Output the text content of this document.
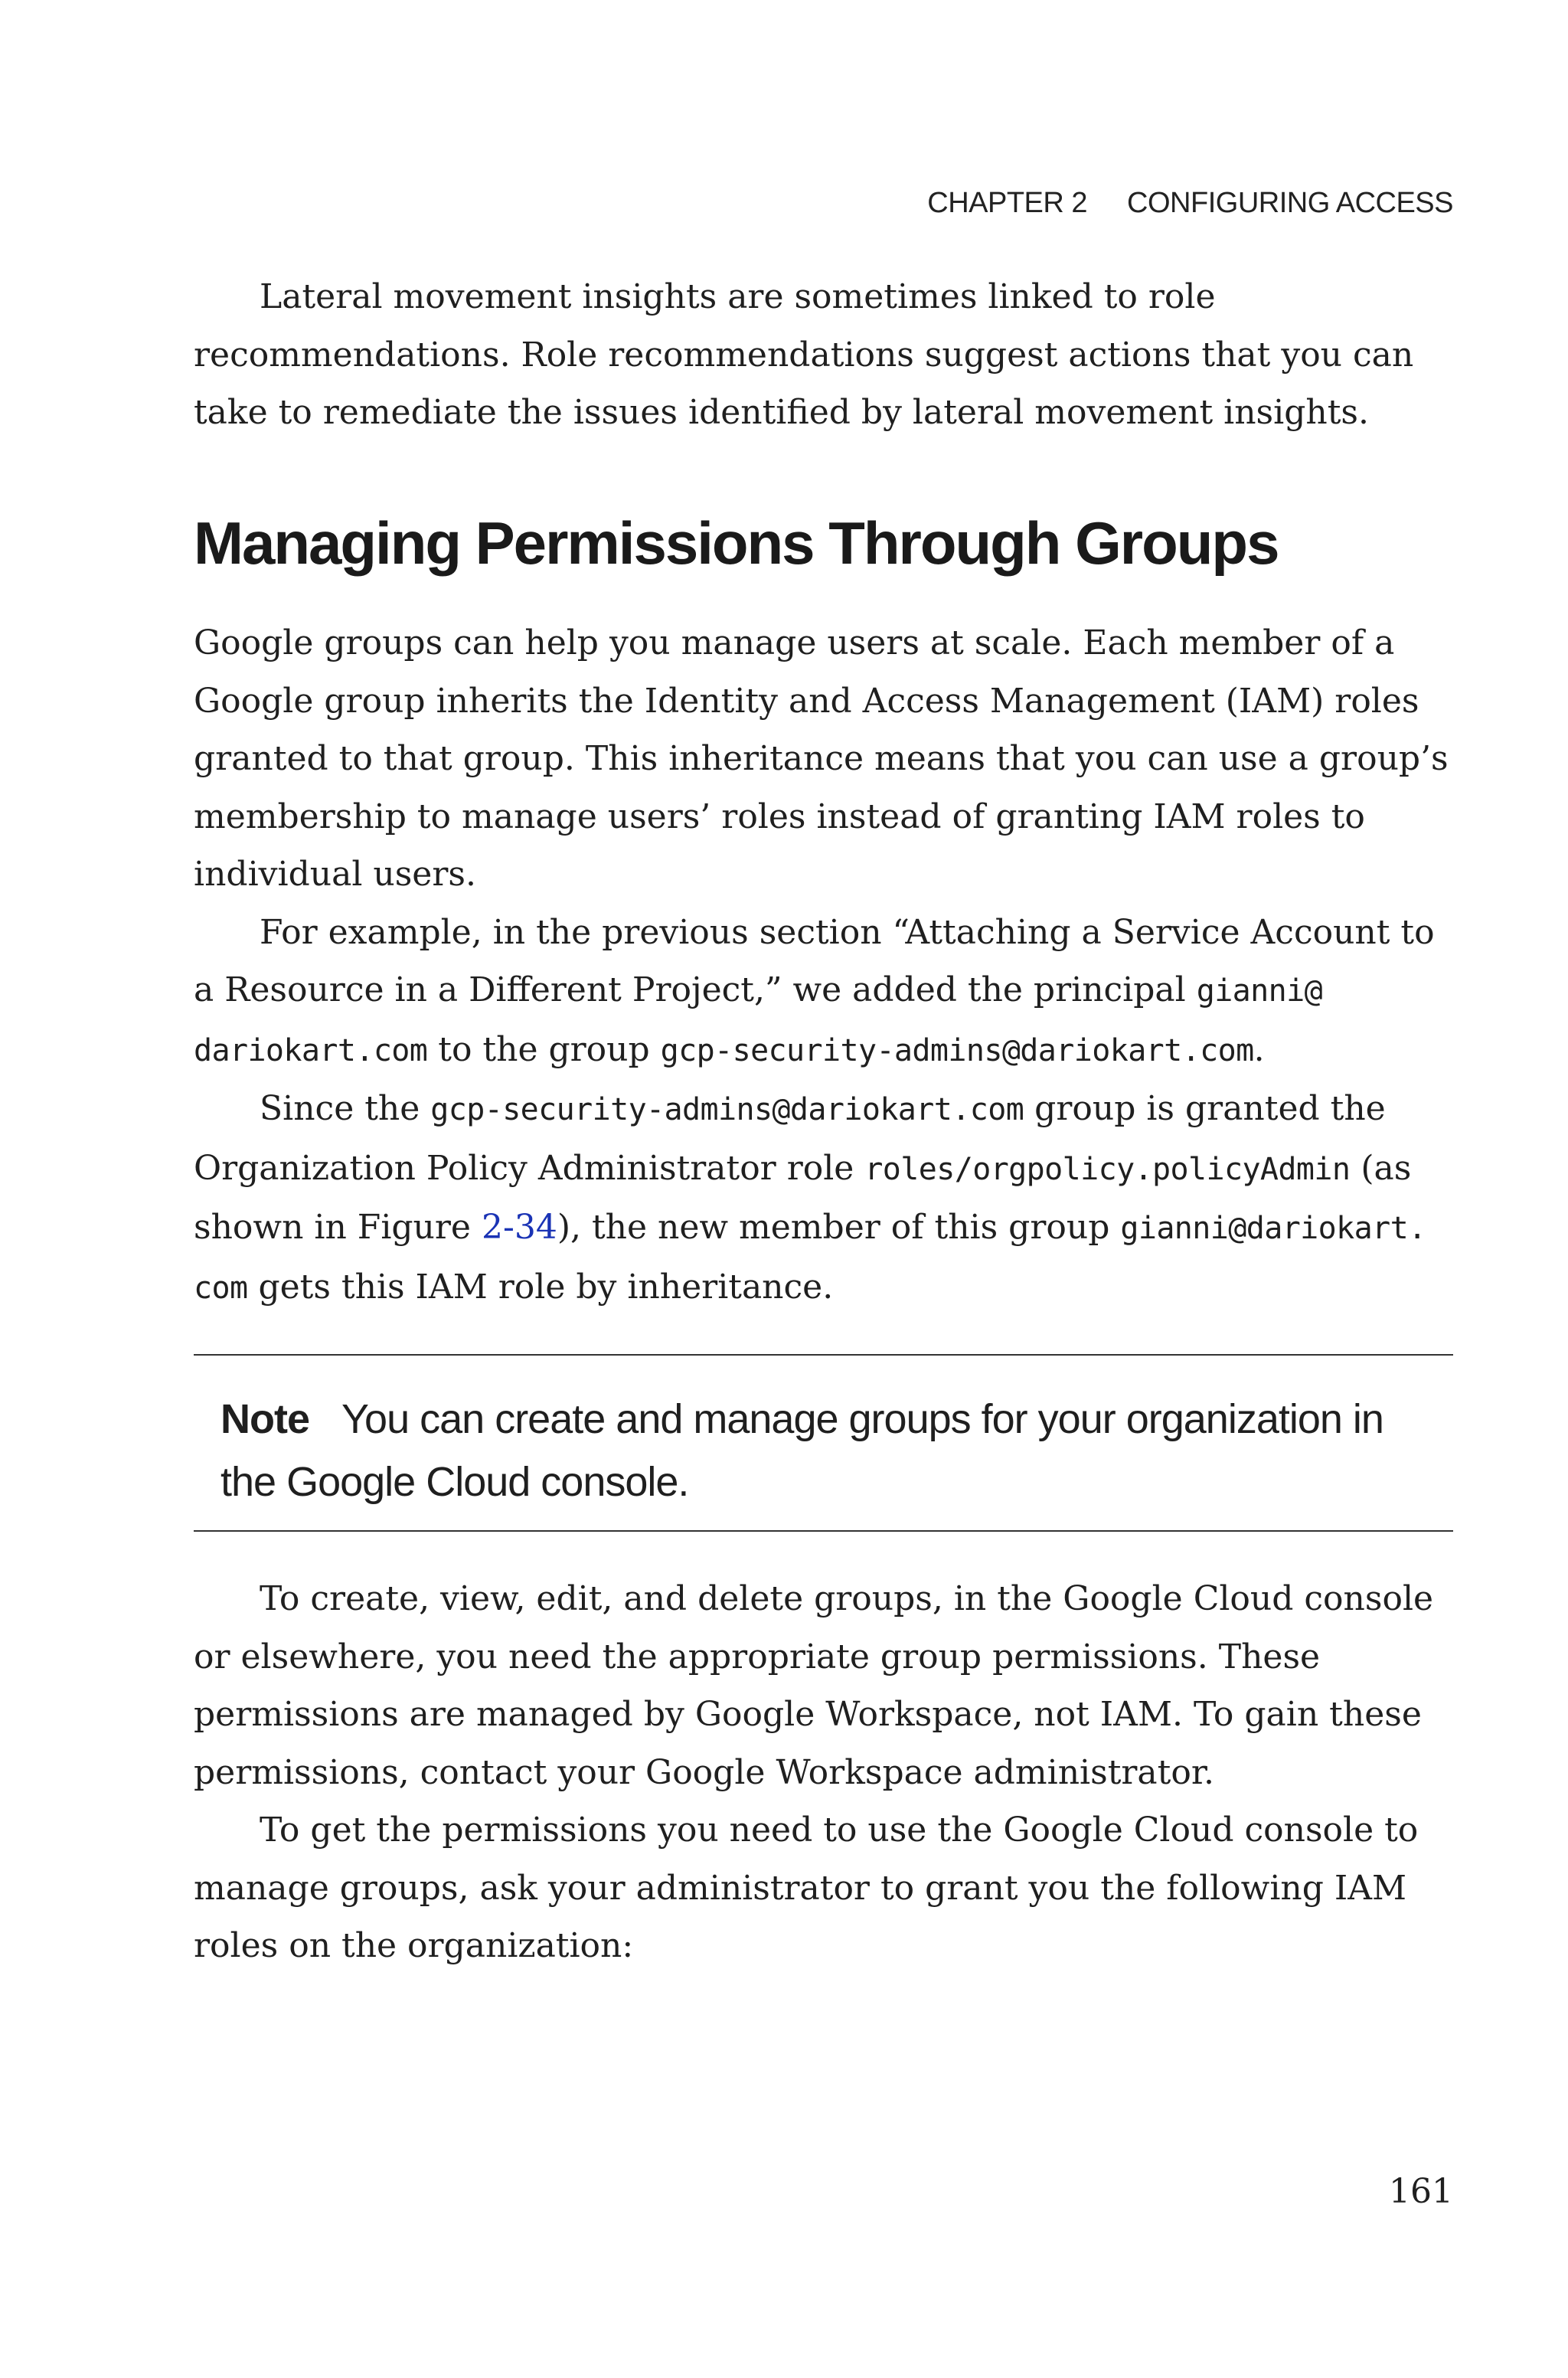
CHAPTER 2 CONFIGURING ACCESS

Lateral movement insights are sometimes linked to role recommendations. Role recommendations suggest actions that you can take to remediate the issues identified by lateral movement insights.

Managing Permissions Through Groups

Google groups can help you manage users at scale. Each member of a Google group inherits the Identity and Access Management (IAM) roles granted to that group. This inheritance means that you can use a group’s membership to manage users’ roles instead of granting IAM roles to individual users.

For example, in the previous section “Attaching a Service Account to a Resource in a Different Project,” we added the principal gianni@ dariokart.com to the group gcp-security-admins@dariokart.com.

Since the gcp-security-admins@dariokart.com group is granted the Organization Policy Administrator role roles/orgpolicy.policyAdmin (as shown in Figure 2-34), the new member of this group gianni@dariokart. com gets this IAM role by inheritance.

Note You can create and manage groups for your organization in the Google Cloud console.

To create, view, edit, and delete groups, in the Google Cloud console or elsewhere, you need the appropriate group permissions. These permissions are managed by Google Workspace, not IAM. To gain these permissions, contact your Google Workspace administrator.

To get the permissions you need to use the Google Cloud console to manage groups, ask your administrator to grant you the following IAM roles on the organization:

161
